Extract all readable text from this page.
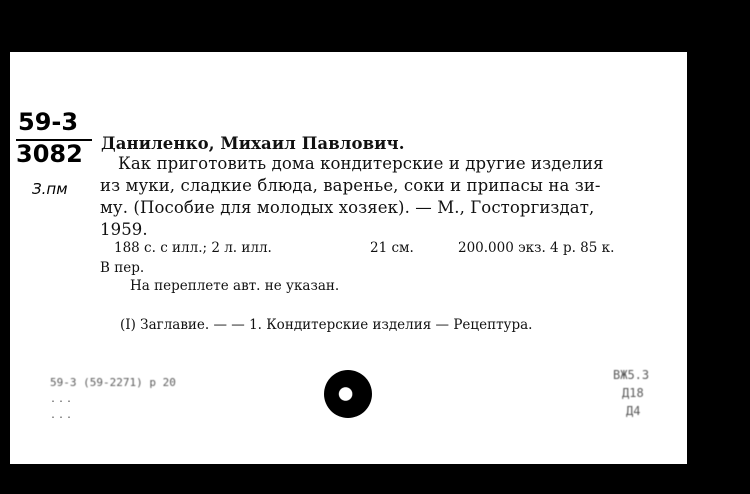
59-3
3082
З.пм
Даниленко, Михаил Павлович.
Как приготовить дома кондитерские и другие изделия
из муки, сладкие блюда, варенье, соки и припасы на зи-
му. (Пособие для молодых хозяек). — М., Госторгиздат,
1959.
188 с. с илл.; 2 л. илл.	21 см.	200.000 экз. 4 р. 85 к.
В пер.
На переплете авт. не указан.
(I) Заглавие. — — 1. Кондитерские изделия — Рецептура.
59-3 (59-2271) р 20
...
...
ВЖ5.3
Д18
Д4
